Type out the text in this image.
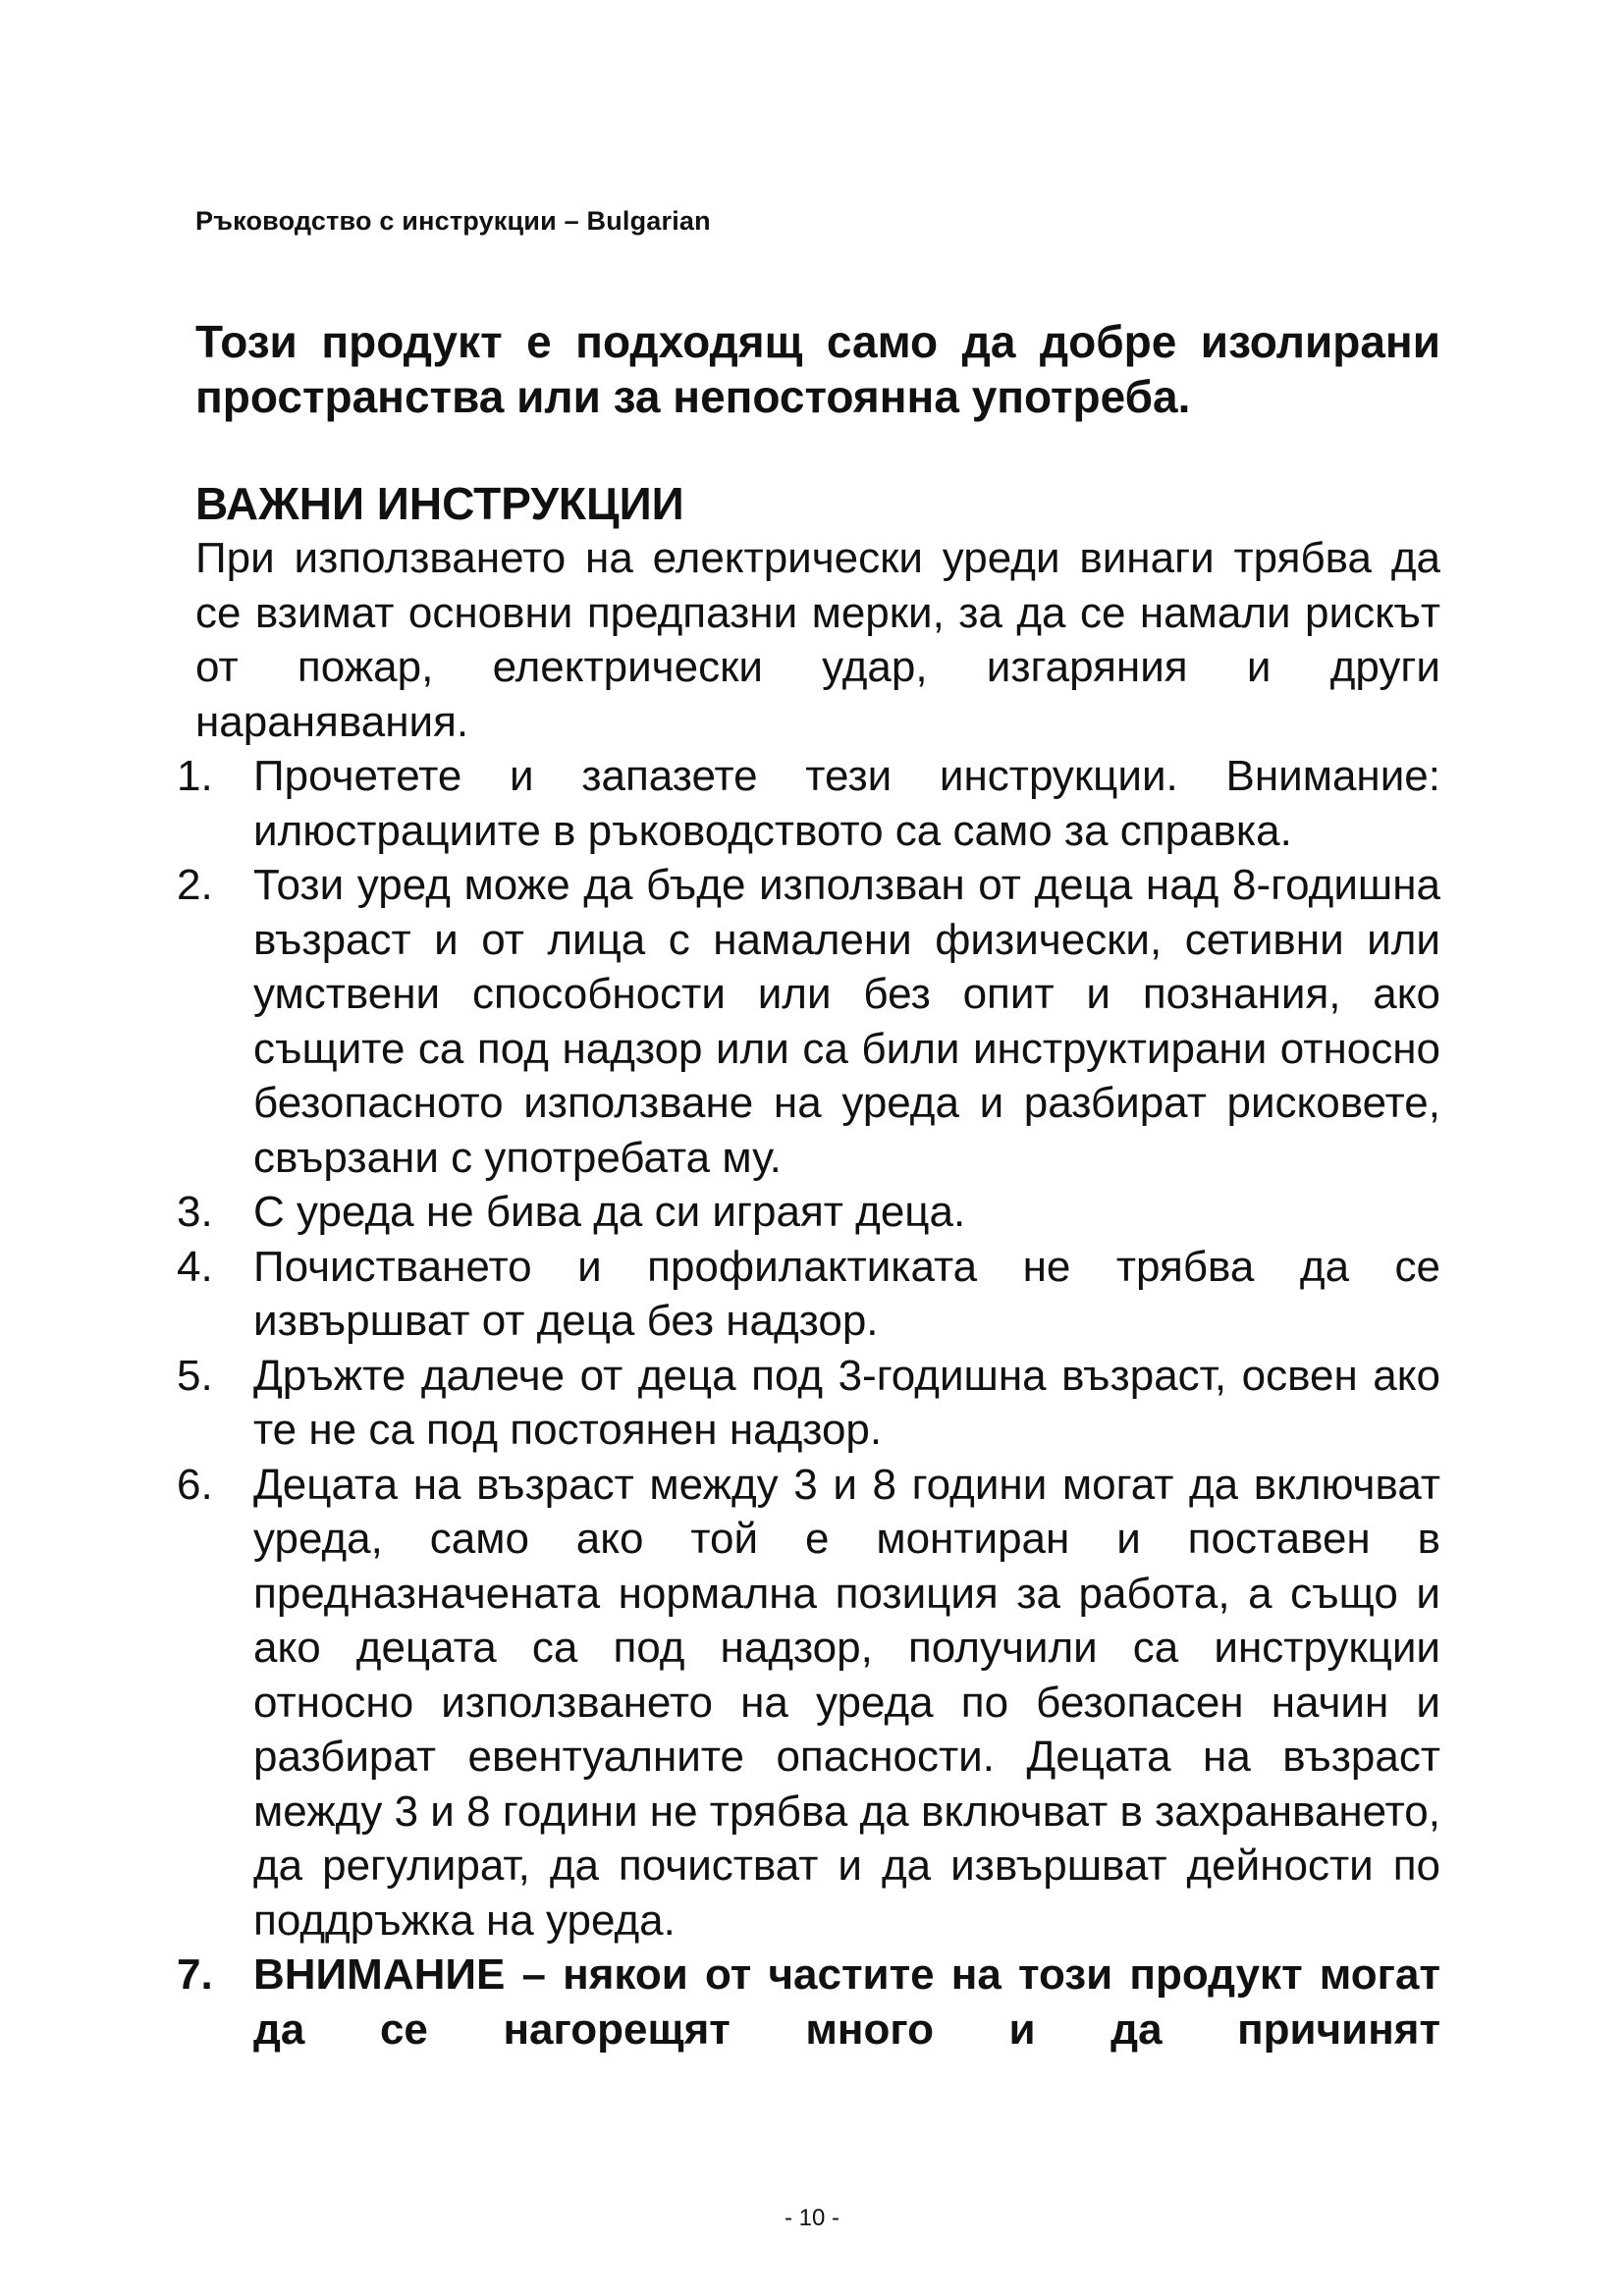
Ръководство с инструкции – Bulgarian

Този продукт е подходящ само да добре изолирани пространства или за непостоянна употреба.

ВАЖНИ ИНСТРУКЦИИ

При използването на електрически уреди винаги трябва да се взимат основни предпазни мерки, за да се намали рискът от пожар, електрически удар, изгаряния и други наранявания.

1. Прочетете и запазете тези инструкции. Внимание: илюстрациите в ръководството са само за справка.
2. Този уред може да бъде използван от деца над 8-годишна възраст и от лица с намалени физически, сетивни или умствени способности или без опит и познания, ако същите са под надзор или са били инструктирани относно безопасното използване на уреда и разбират рисковете, свързани с употребата му.
3. С уреда не бива да си играят деца.
4. Почистването и профилактиката не трябва да се извършват от деца без надзор.
5. Дръжте далече от деца под 3-годишна възраст, освен ако те не са под постоянен надзор.
6. Децата на възраст между 3 и 8 години могат да включват уреда, само ако той е монтиран и поставен в предназначената нормална позиция за работа, а също и ако децата са под надзор, получили са инструкции относно използването на уреда по безопасен начин и разбират евентуалните опасности. Децата на възраст между 3 и 8 години не трябва да включват в захранването, да регулират, да почистват и да извършват дейности по поддръжка на уреда.
7. ВНИМАНИЕ – някои от частите на този продукт могат да се нагорещят много и да причинят
- 10 -
